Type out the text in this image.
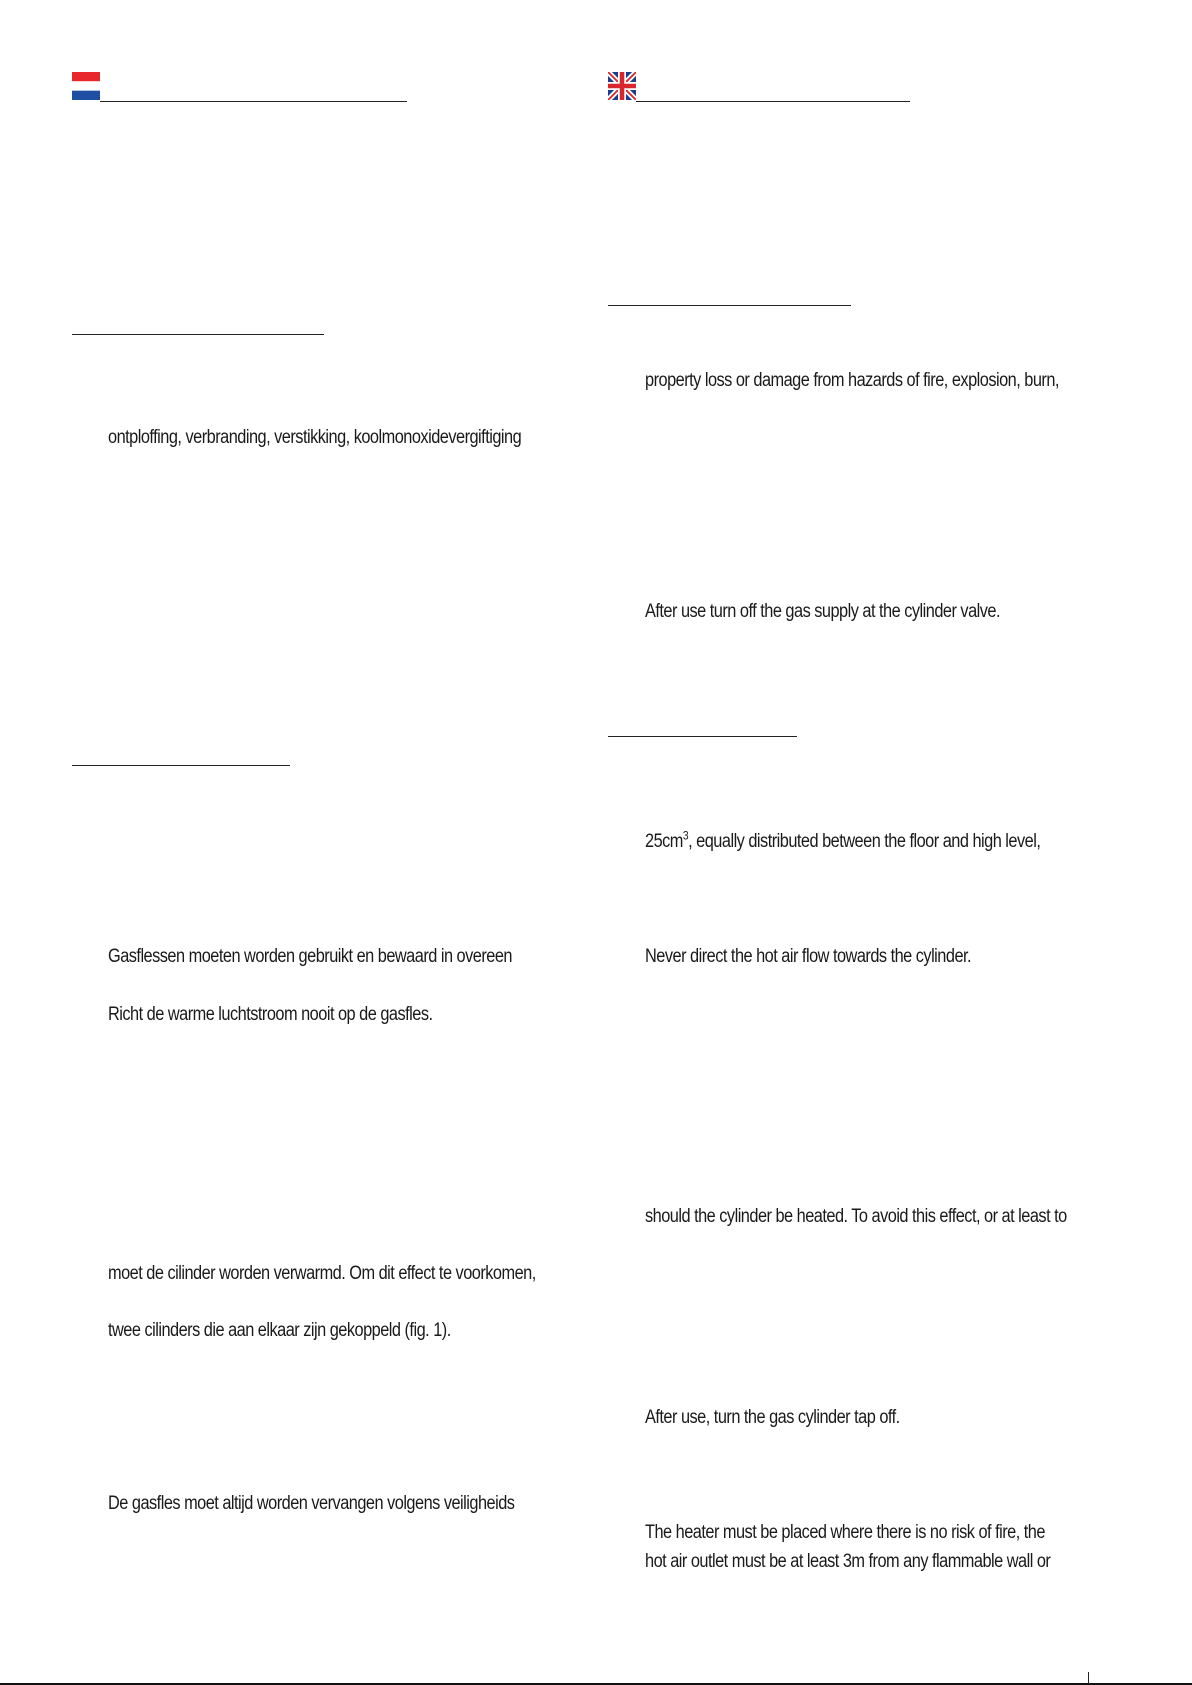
ontploffing, verbranding, verstikking, koolmonoxidevergiftiging
Gasflessen moeten worden gebruikt en bewaard in overeen
Richt de warme luchtstroom nooit op de gasfles.
moet de cilinder worden verwarmd. Om dit effect te voorkomen,
twee cilinders die aan elkaar zijn gekoppeld (fig. 1).
De gasfles moet altijd worden vervangen volgens veiligheids
property loss or damage from hazards of fire, explosion, burn,
After use turn off the gas supply at the cylinder valve.
$25cm^3$, equally distributed between the floor and high level,
Never direct the hot air flow towards the cylinder.
should the cylinder be heated. To avoid this effect, or at least to
After use, turn the gas cylinder tap off.
The heater must be placed where there is no risk of fire, the
hot air outlet must be at least 3m from any flammable wall or
